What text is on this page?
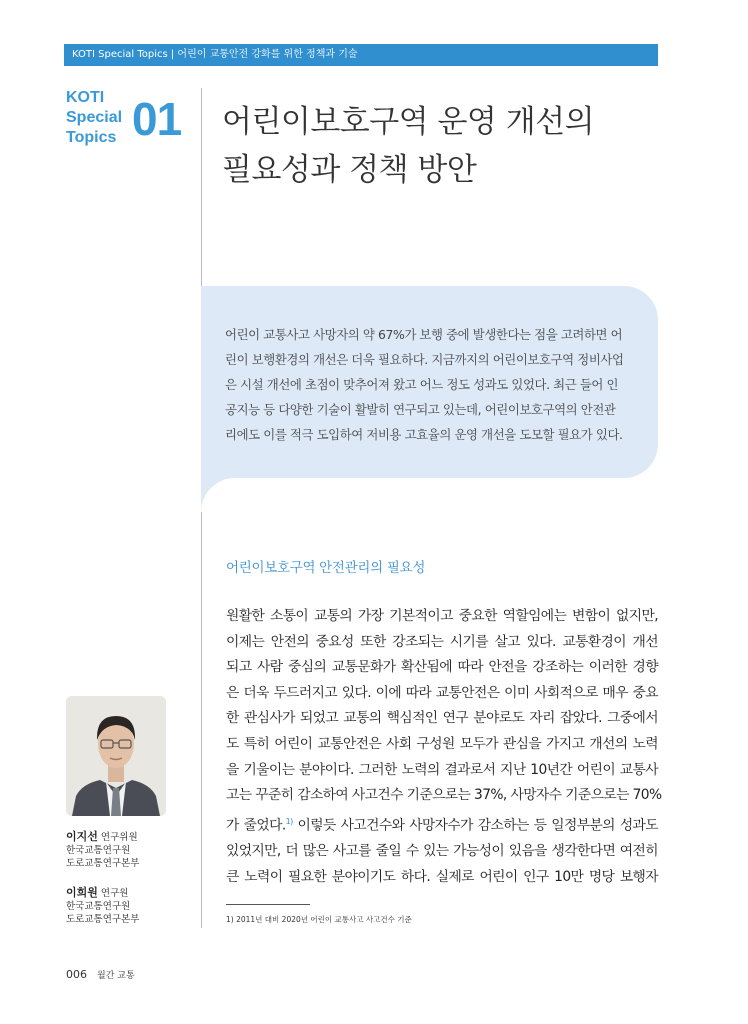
KOTI Special Topics | 어린이 교통안전 강화를 위한 정책과 기술
KOTI
Special
Topics 01 어린이보호구역 운영 개선의
필요성과 정책 방안
어린이 교통사고 사망자의 약 67%가 보행 중에 발생한다는 점을 고려하면 어
린이 보행환경의 개선은 더욱 필요하다. 지금까지의 어린이보호구역 정비사업
은 시설 개선에 초점이 맞추어져 왔고 어느 정도 성과도 있었다. 최근 들어 인
공지능 등 다양한 기술이 활발히 연구되고 있는데, 어린이보호구역의 안전관
리에도 이를 적극 도입하여 저비용 고효율의 운영 개선을 도모할 필요가 있다.
어린이보호구역 안전관리의 필요성
원활한 소통이 교통의 가장 기본적이고 중요한 역할임에는 변함이 없지만,
이제는 안전의 중요성 또한 강조되는 시기를 살고 있다. 교통환경이 개선
되고 사람 중심의 교통문화가 확산됨에 따라 안전을 강조하는 이러한 경향
은 더욱 두드러지고 있다. 이에 따라 교통안전은 이미 사회적으로 매우 중요
한 관심사가 되었고 교통의 핵심적인 연구 분야로도 자리 잡았다. 그중에서
도 특히 어린이 교통안전은 사회 구성원 모두가 관심을 가지고 개선의 노력
을 기울이는 분야이다. 그러한 노력의 결과로서 지난 10년간 어린이 교통사
고는 꾸준히 감소하여 사고건수 기준으로는 37%, 사망자수 기준으로는 70%
가 줄었다.$^{1)}$ 이렇듯 사고건수와 사망자수가 감소하는 등 일정부분의 성과도
있었지만, 더 많은 사고를 줄일 수 있는 가능성이 있음을 생각한다면 여전히
큰 노력이 필요한 분야이기도 하다. 실제로 어린이 인구 10만 명당 보행자
이지선 연구위원
한국교통연구원
도로교통연구본부
이희원 연구원
한국교통연구원
도로교통연구본부	1) 2011년 대비 2020년 어린이 교통사고 사고건수 기준
006 월간 교통
